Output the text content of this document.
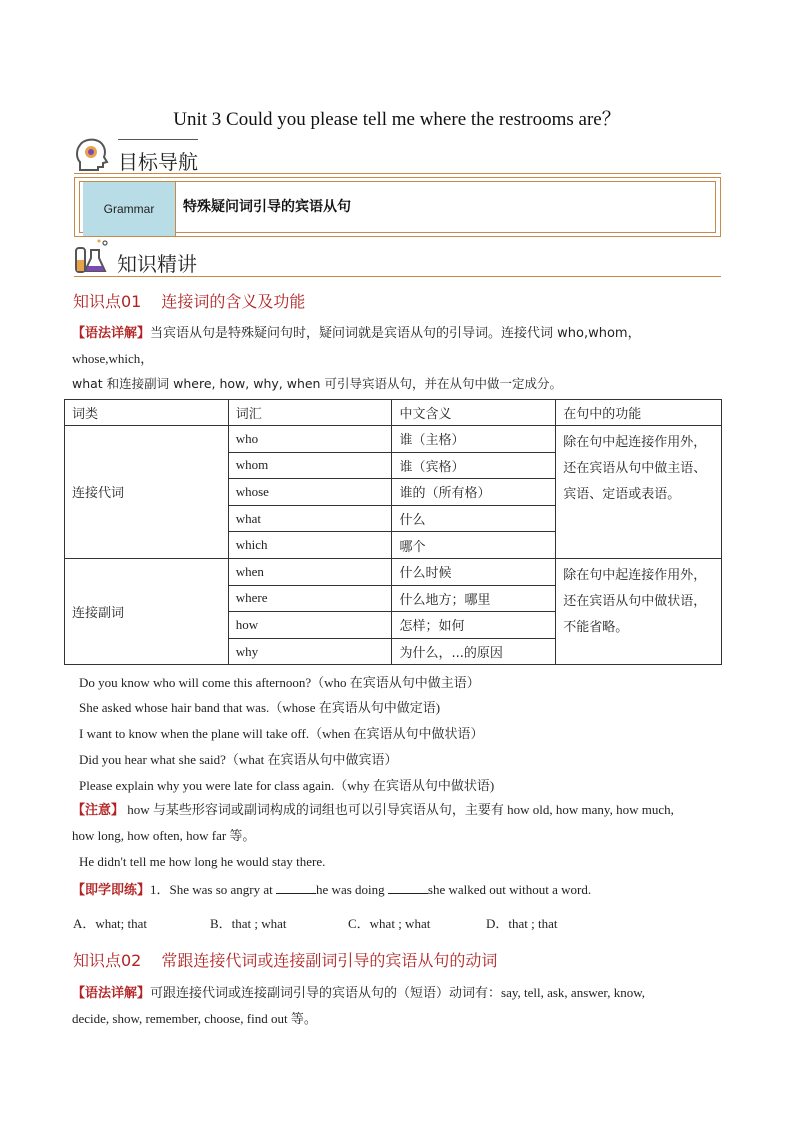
Unit 3 Could you please tell me where the restrooms are？
目标导航
Grammar	特殊疑问词引导的宾语从句
知识精讲
知识点01 连接词的含义及功能
【语法详解】当宾语从句是特殊疑问句时，疑问词就是宾语从句的引导词。连接代词 who,whom，
whose,which，
what 和连接副词 where, how, why, when 可引导宾语从句，并在从句中做一定成分。
词类	词汇	中文含义	在句中的功能
连接代词	who	谁（主格）	除在句中起连接作用外，还在宾语从句中做主语、宾语、定语或表语。
	whom	谁（宾格）	
	whose	谁的（所有格）	
	what	什么	
	which	哪个	
连接副词	when	什么时候	除在句中起连接作用外，还在宾语从句中做状语，不能省略。
	where	什么地方；哪里	
	how	怎样；如何	
	why	为什么，...的原因	
Do you know who will come this afternoon?（who 在宾语从句中做主语）
She asked whose hair band that was.（whose 在宾语从句中做定语)
I want to know when the plane will take off.（when 在宾语从句中做状语）
Did you hear what she said?（what 在宾语从句中做宾语）
Please explain why you were late for class again.（why 在宾语从句中做状语)
【注意】 how 与某些形容词或副词构成的词组也可以引导宾语从句，主要有 how old, how many, how much,
how long, how often, how far 等。
He didn't tell me how long he would stay there.
【即学即练】1．She was so angry at	he was doing	she walked out without a word.
A．what; that	B．that ; what	C．what ; what	D．that ; that
知识点02 常跟连接代词或连接副词引导的宾语从句的动词
【语法详解】可跟连接代词或连接副词引导的宾语从句的（短语）动词有：say, tell, ask, answer, know,
decide, show, remember, choose, find out 等。
